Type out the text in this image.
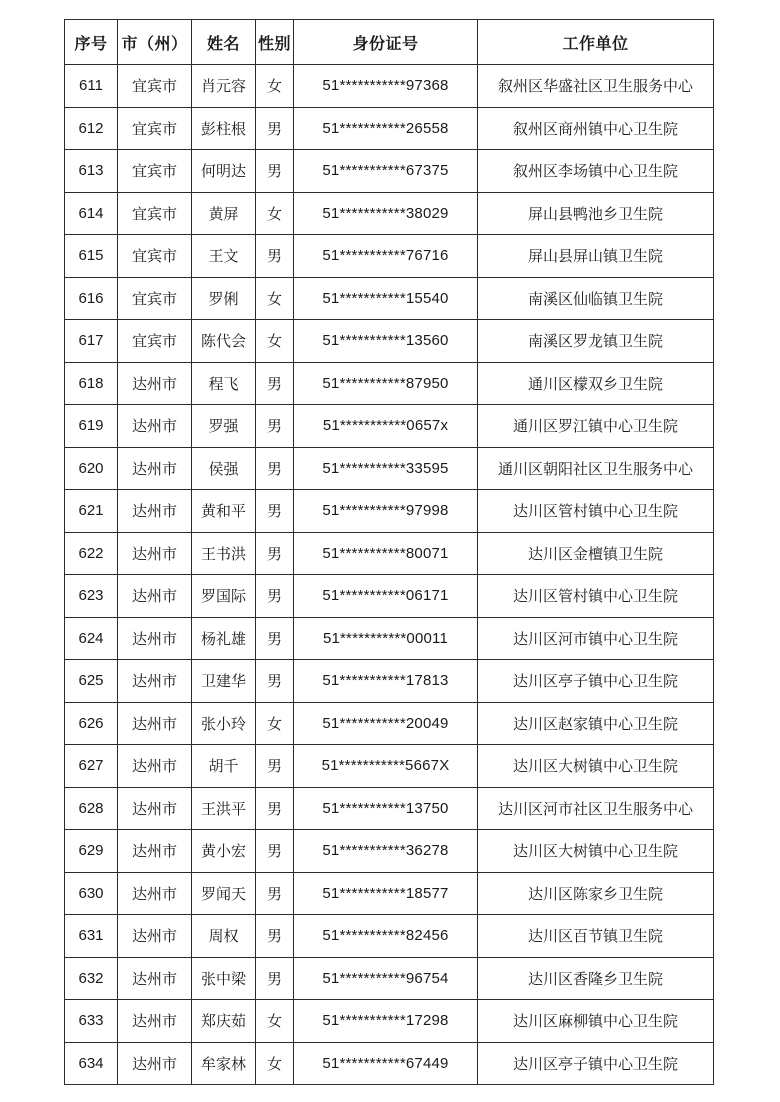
序号	市（州）	姓名	性别	身份证号	工作单位
611	宜宾市	肖元容	女	51***********97368	叙州区华盛社区卫生服务中心
612	宜宾市	彭柱根	男	51***********26558	叙州区商州镇中心卫生院
613	宜宾市	何明达	男	51***********67375	叙州区李场镇中心卫生院
614	宜宾市	黄屏	女	51***********38029	屏山县鸭池乡卫生院
615	宜宾市	王文	男	51***********76716	屏山县屏山镇卫生院
616	宜宾市	罗俐	女	51***********15540	南溪区仙临镇卫生院
617	宜宾市	陈代会	女	51***********13560	南溪区罗龙镇卫生院
618	达州市	程飞	男	51***********87950	通川区檬双乡卫生院
619	达州市	罗强	男	51***********0657x	通川区罗江镇中心卫生院
620	达州市	侯强	男	51***********33595	通川区朝阳社区卫生服务中心
621	达州市	黄和平	男	51***********97998	达川区管村镇中心卫生院
622	达州市	王书洪	男	51***********80071	达川区金檀镇卫生院
623	达州市	罗国际	男	51***********06171	达川区管村镇中心卫生院
624	达州市	杨礼雄	男	51***********00011	达川区河市镇中心卫生院
625	达州市	卫建华	男	51***********17813	达川区亭子镇中心卫生院
626	达州市	张小玲	女	51***********20049	达川区赵家镇中心卫生院
627	达州市	胡千	男	51***********5667X	达川区大树镇中心卫生院
628	达州市	王洪平	男	51***********13750	达川区河市社区卫生服务中心
629	达州市	黄小宏	男	51***********36278	达川区大树镇中心卫生院
630	达州市	罗闻天	男	51***********18577	达川区陈家乡卫生院
631	达州市	周权	男	51***********82456	达川区百节镇卫生院
632	达州市	张中梁	男	51***********96754	达川区香隆乡卫生院
633	达州市	郑庆茹	女	51***********17298	达川区麻柳镇中心卫生院
634	达州市	牟家林	女	51***********67449	达川区亭子镇中心卫生院
